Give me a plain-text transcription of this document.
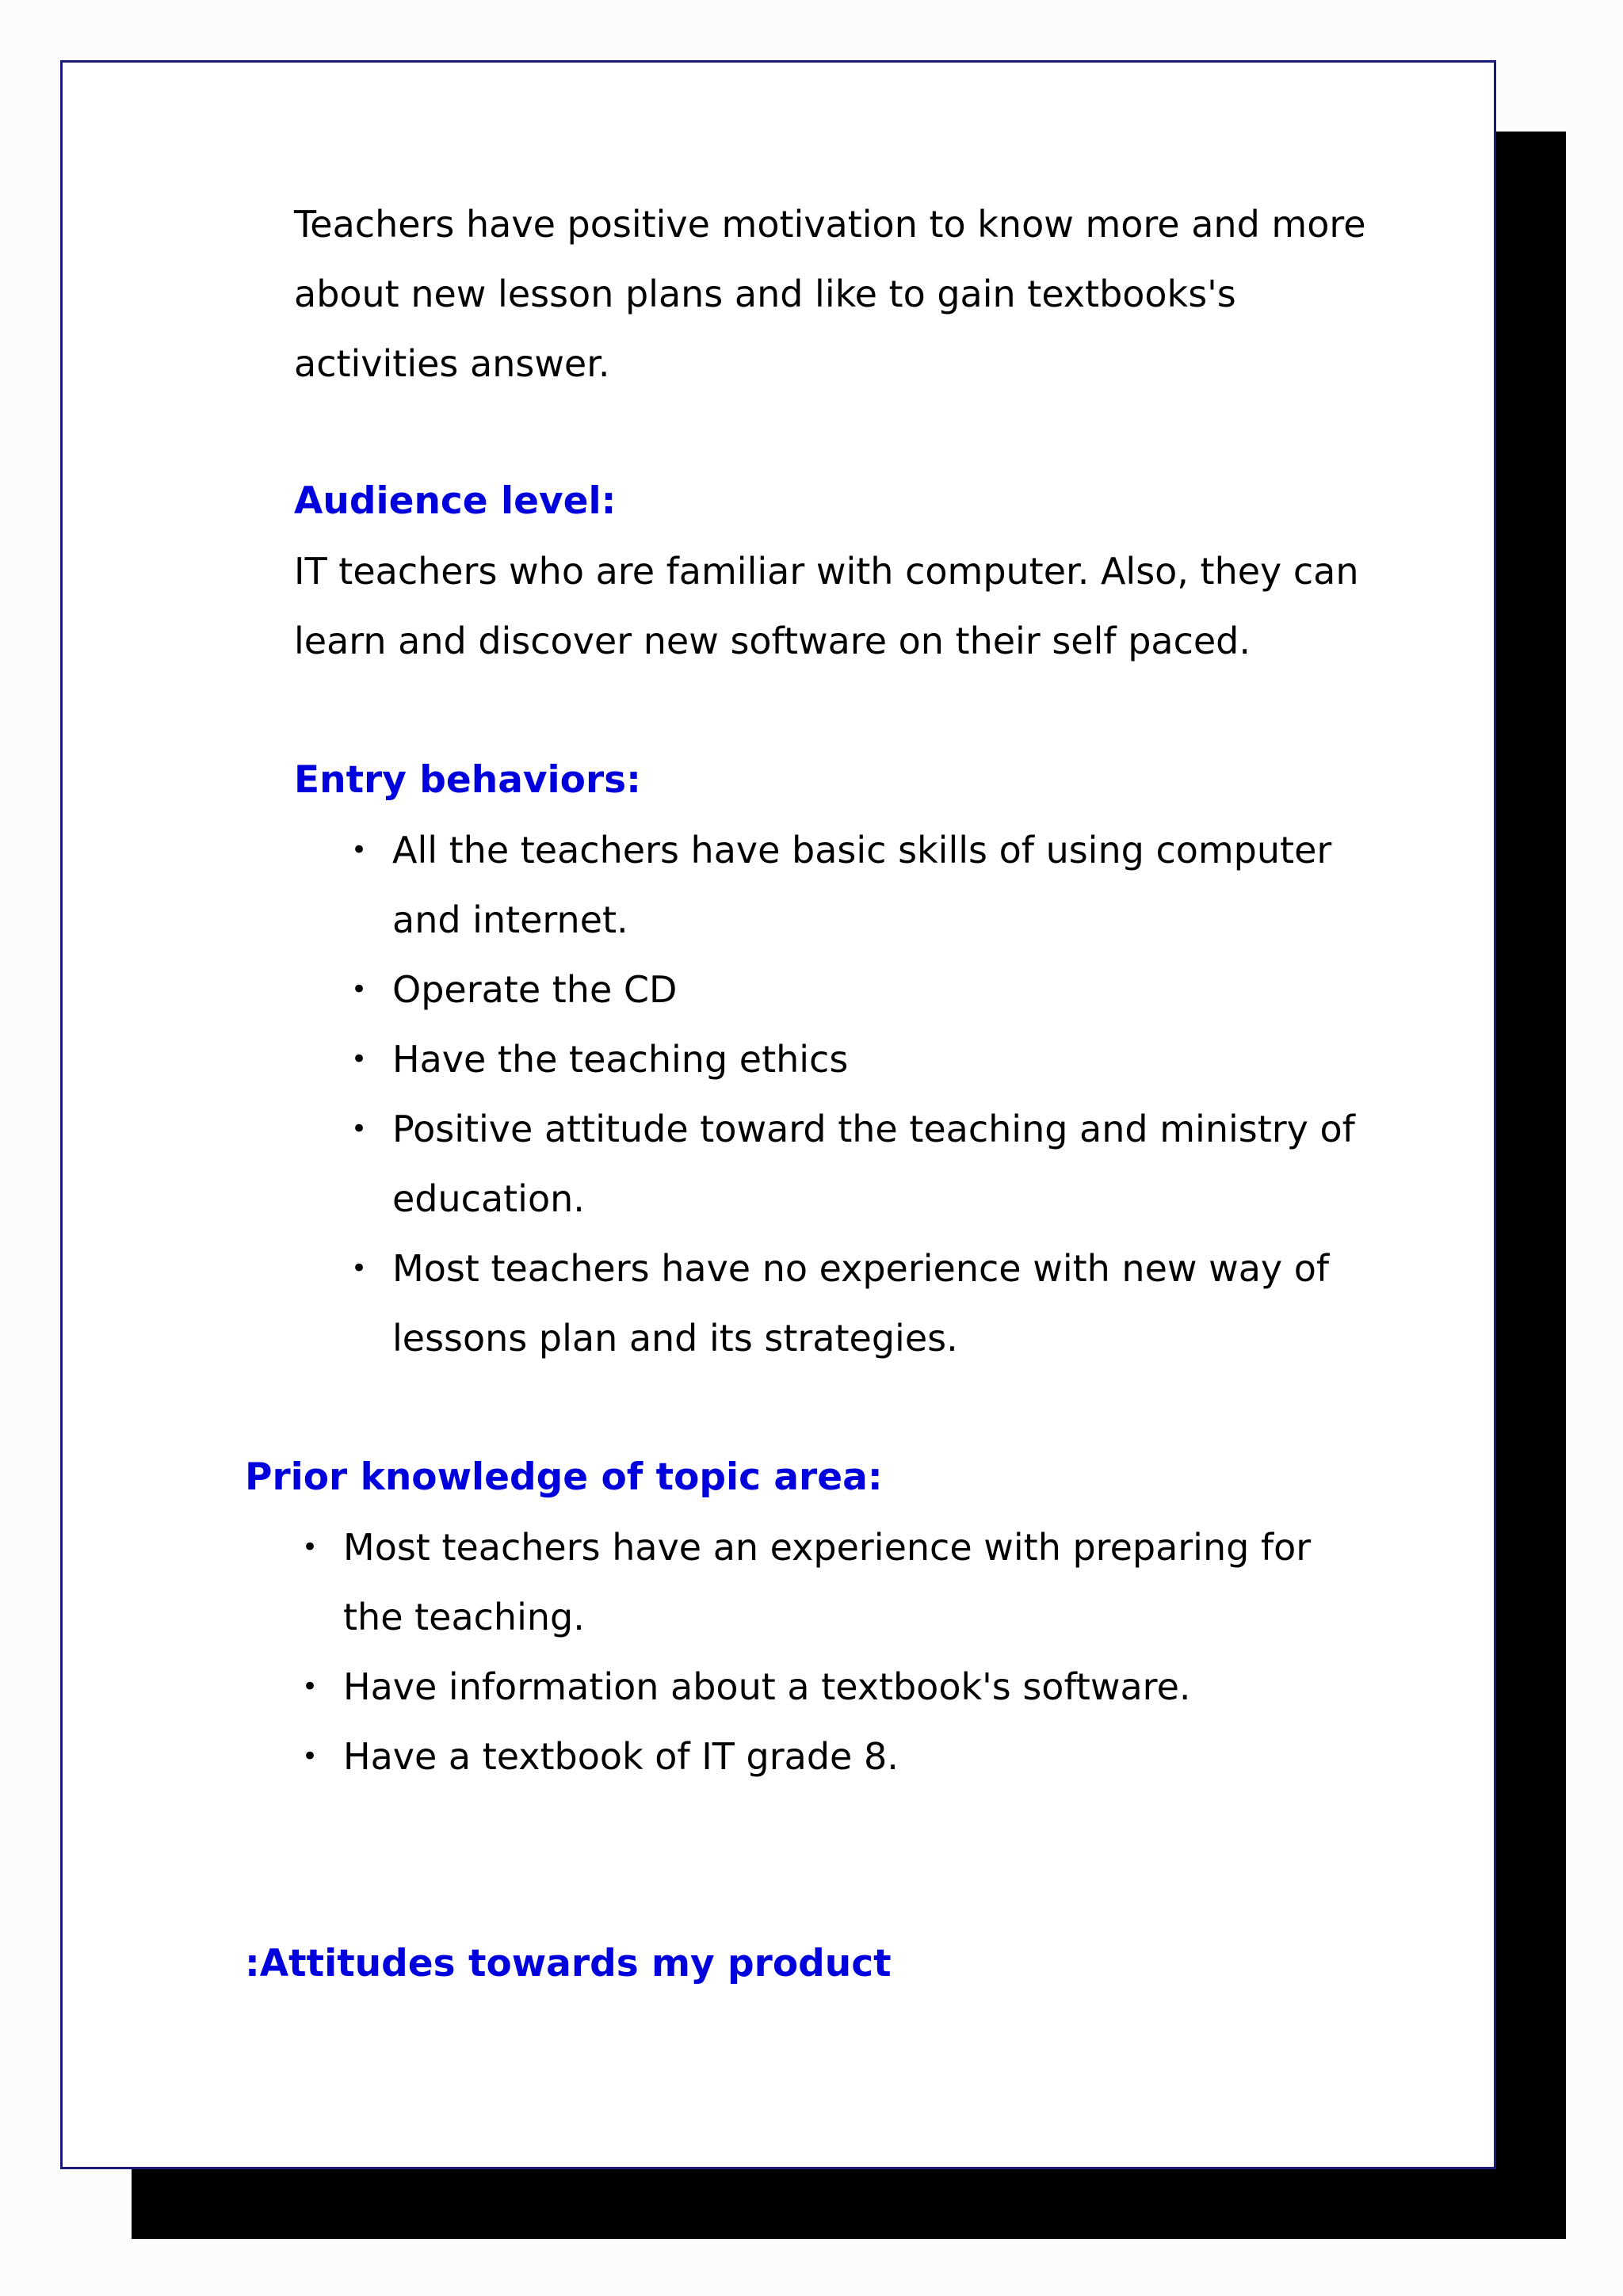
Teachers have positive motivation to know more and more about new lesson plans and like to gain textbooks's activities answer.

Audience level:

IT teachers who are familiar with computer. Also, they can learn and discover new software on their self paced.

Entry behaviors:
• All the teachers have basic skills of using computer and internet.
• Operate the CD
• Have the teaching ethics
• Positive attitude toward the teaching and ministry of education.
• Most teachers have no experience with new way of lessons plan and its strategies.
Prior knowledge of topic area:
• Most teachers have an experience with preparing for the teaching.
• Have information about a textbook's software.
• Have a textbook of IT grade 8.
:Attitudes towards my product
